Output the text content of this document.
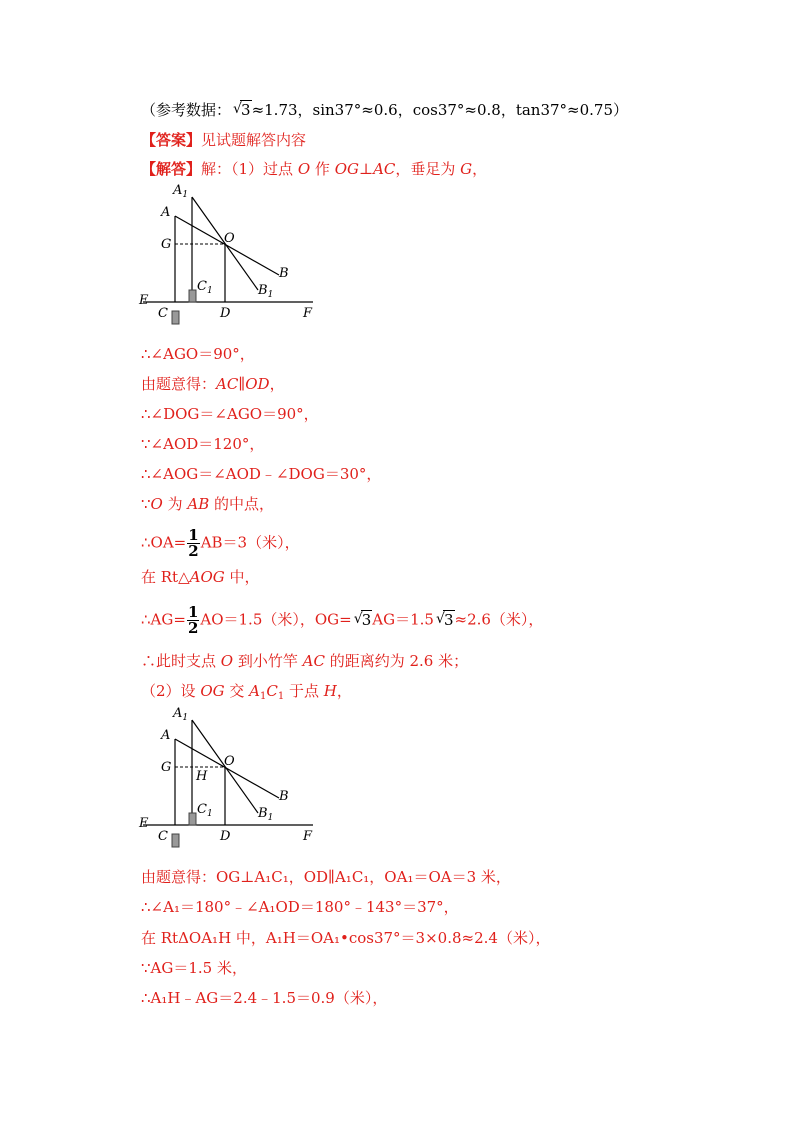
（参考数据： √ 3≈1.73，sin37°≈0.6，cos37°≈0.8，tan37°≈0.75）
【答案】见试题解答内容
【解答】解：（1）过点 O 作 OG⊥AC，垂足为 G，
$A_1$
A
G	O
B
$C_1$	$B_1$
E
C	D	F
∴∠AGO＝90°，
由题意得：AC∥OD，
∴∠DOG＝∠AGO＝90°，
∵∠AOD＝120°，
∴∠AOG＝∠AOD﹣∠DOG＝30°，
∵O 为 AB 的中点，
∴OA= $\frac{1}{2} AB=3$（米），
在 Rt△AOG 中，
∴AG= $\frac{1}{2} AO=1.5$（米），OG= √ 3AG＝1.5 √ 3≈2.6（米），
∴此时支点 O 到小竹竿 AC 的距离约为 2.6 米；
（2）设 OG 交 $A_1C_1$ 于点 H，
$A_1$
A
G	O
H
B
$C_1$	$B_1$
E
C	D	F
由题意得：OG⊥A₁C₁，OD∥A₁C₁，OA₁＝OA＝3 米，
∴∠A₁＝180°﹣∠A₁OD＝180°﹣143°＝37°，
在 RtΔOA₁H 中，A₁H＝OA₁•cos37°＝3×0.8≈2.4（米），
∵AG＝1.5 米，
∴A₁H﹣AG＝2.4﹣1.5＝0.9（米），
